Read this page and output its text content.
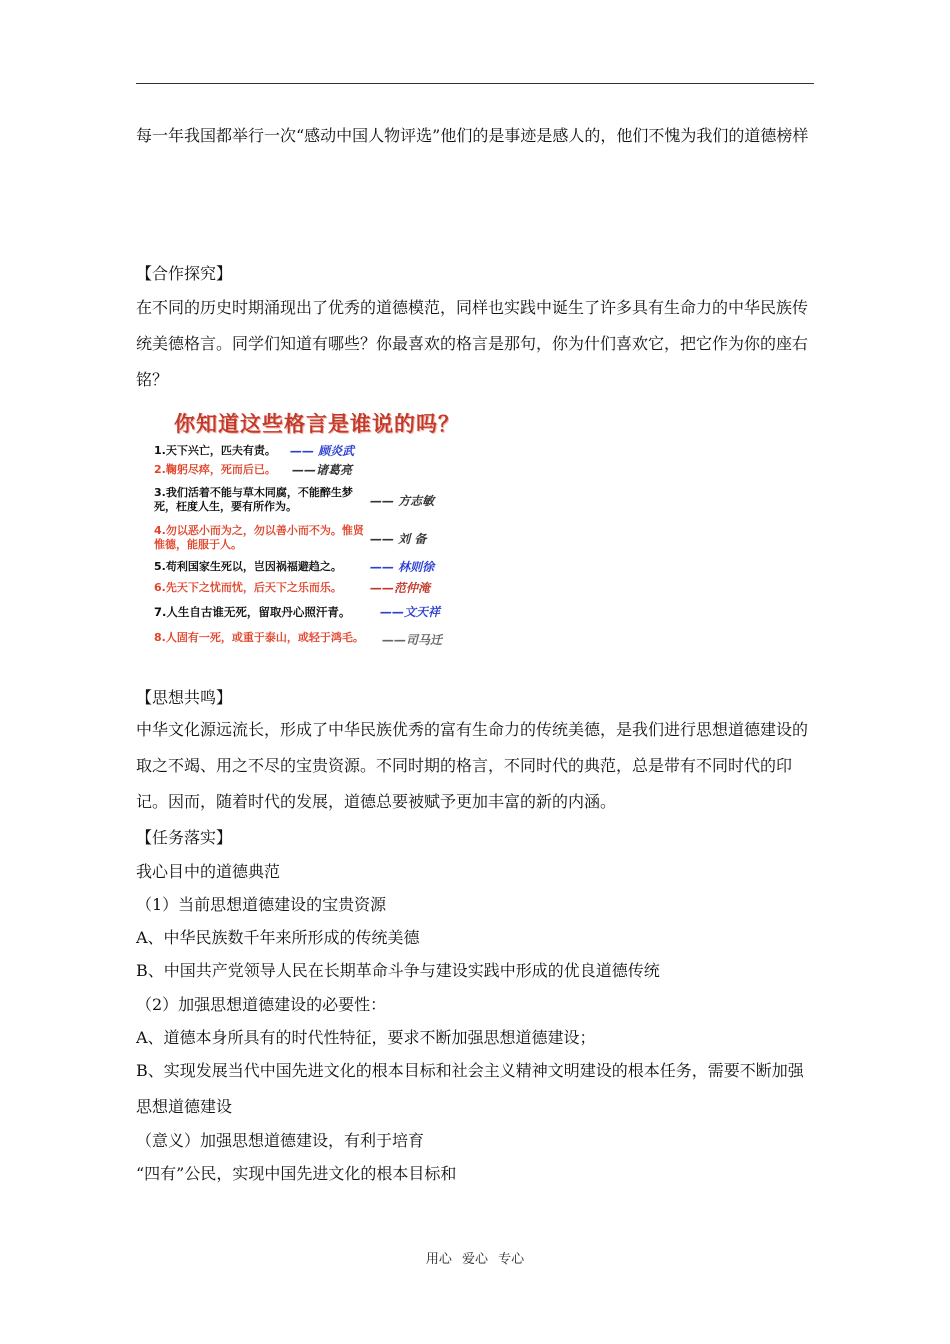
每一年我国都举行一次“感动中国人物评选”他们的是事迹是感人的，他们不愧为我们的道德榜样

【合作探究】

在不同的历史时期涌现出了优秀的道德模范，同样也实践中诞生了许多具有生命力的中华民族传统美德格言。同学们知道有哪些？你最喜欢的格言是那句，你为什们喜欢它，把它作为你的座右铭？

你知道这些格言是谁说的吗？
1.天下兴亡，匹夫有责。 —— 顾炎武
2.鞠躬尽瘁，死而后已。 ——诸葛亮
3.我们活着不能与草木同腐，不能醉生梦死，枉度人生，要有所作为。	—— 方志敏
4.勿以恶小而为之，勿以善小而不为。惟贤惟德，能服于人。	—— 刘 备
5.苟利国家生死以，岂因祸福避趋之。 —— 林则徐
6.先天下之忧而忧，后天下之乐而乐。 ——范仲淹
7.人生自古谁无死，留取丹心照汗青。 ——文天祥
8.人固有一死，或重于泰山，或轻于鸿毛。 ——司马迁

【思想共鸣】

中华文化源远流长，形成了中华民族优秀的富有生命力的传统美德，是我们进行思想道德建设的取之不竭、用之不尽的宝贵资源。不同时期的格言，不同时代的典范，总是带有不同时代的印记。因而，随着时代的发展，道德总要被赋予更加丰富的新的内涵。

【任务落实】

我心目中的道德典范

（1）当前思想道德建设的宝贵资源

A、中华民族数千年来所形成的传统美德

B、中国共产党领导人民在长期革命斗争与建设实践中形成的优良道德传统

（2）加强思想道德建设的必要性：

A、道德本身所具有的时代性特征，要求不断加强思想道德建设；

B、实现发展当代中国先进文化的根本目标和社会主义精神文明建设的根本任务，需要不断加强思想道德建设

（意义）加强思想道德建设，有利于培育

“四有”公民，实现中国先进文化的根本目标和

用心 爱心 专心
